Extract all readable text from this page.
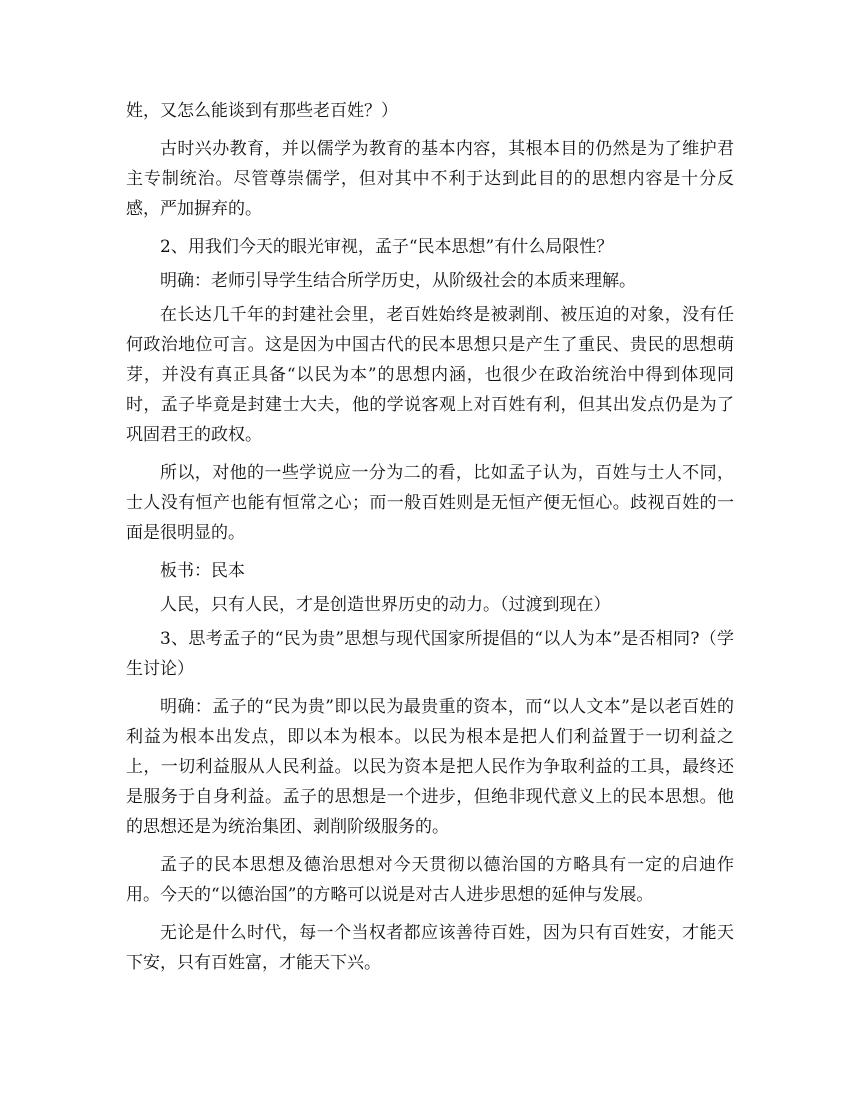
姓，又怎么能谈到有那些老百姓？）

古时兴办教育，并以儒学为教育的基本内容，其根本目的仍然是为了维护君主专制统治。尽管尊崇儒学，但对其中不利于达到此目的的思想内容是十分反感，严加摒弃的。

2、用我们今天的眼光审视，孟子“民本思想”有什么局限性？

明确：老师引导学生结合所学历史，从阶级社会的本质来理解。

在长达几千年的封建社会里，老百姓始终是被剥削、被压迫的对象，没有任何政治地位可言。这是因为中国古代的民本思想只是产生了重民、贵民的思想萌芽，并没有真正具备“以民为本”的思想内涵，也很少在政治统治中得到体现同时，孟子毕竟是封建士大夫，他的学说客观上对百姓有利，但其出发点仍是为了巩固君王的政权。

所以，对他的一些学说应一分为二的看，比如孟子认为，百姓与士人不同，士人没有恒产也能有恒常之心；而一般百姓则是无恒产便无恒心。歧视百姓的一面是很明显的。

板书：民本

人民，只有人民，才是创造世界历史的动力。（过渡到现在）

3、思考孟子的“民为贵”思想与现代国家所提倡的“以人为本”是否相同?（学生讨论）

明确：孟子的“民为贵”即以民为最贵重的资本，而“以人文本”是以老百姓的利益为根本出发点，即以本为根本。以民为根本是把人们利益置于一切利益之上，一切利益服从人民利益。以民为资本是把人民作为争取利益的工具，最终还是服务于自身利益。孟子的思想是一个进步，但绝非现代意义上的民本思想。他的思想还是为统治集团、剥削阶级服务的。

孟子的民本思想及德治思想对今天贯彻以德治国的方略具有一定的启迪作用。今天的“以德治国”的方略可以说是对古人进步思想的延伸与发展。

无论是什么时代，每一个当权者都应该善待百姓，因为只有百姓安，才能天下安，只有百姓富，才能天下兴。
